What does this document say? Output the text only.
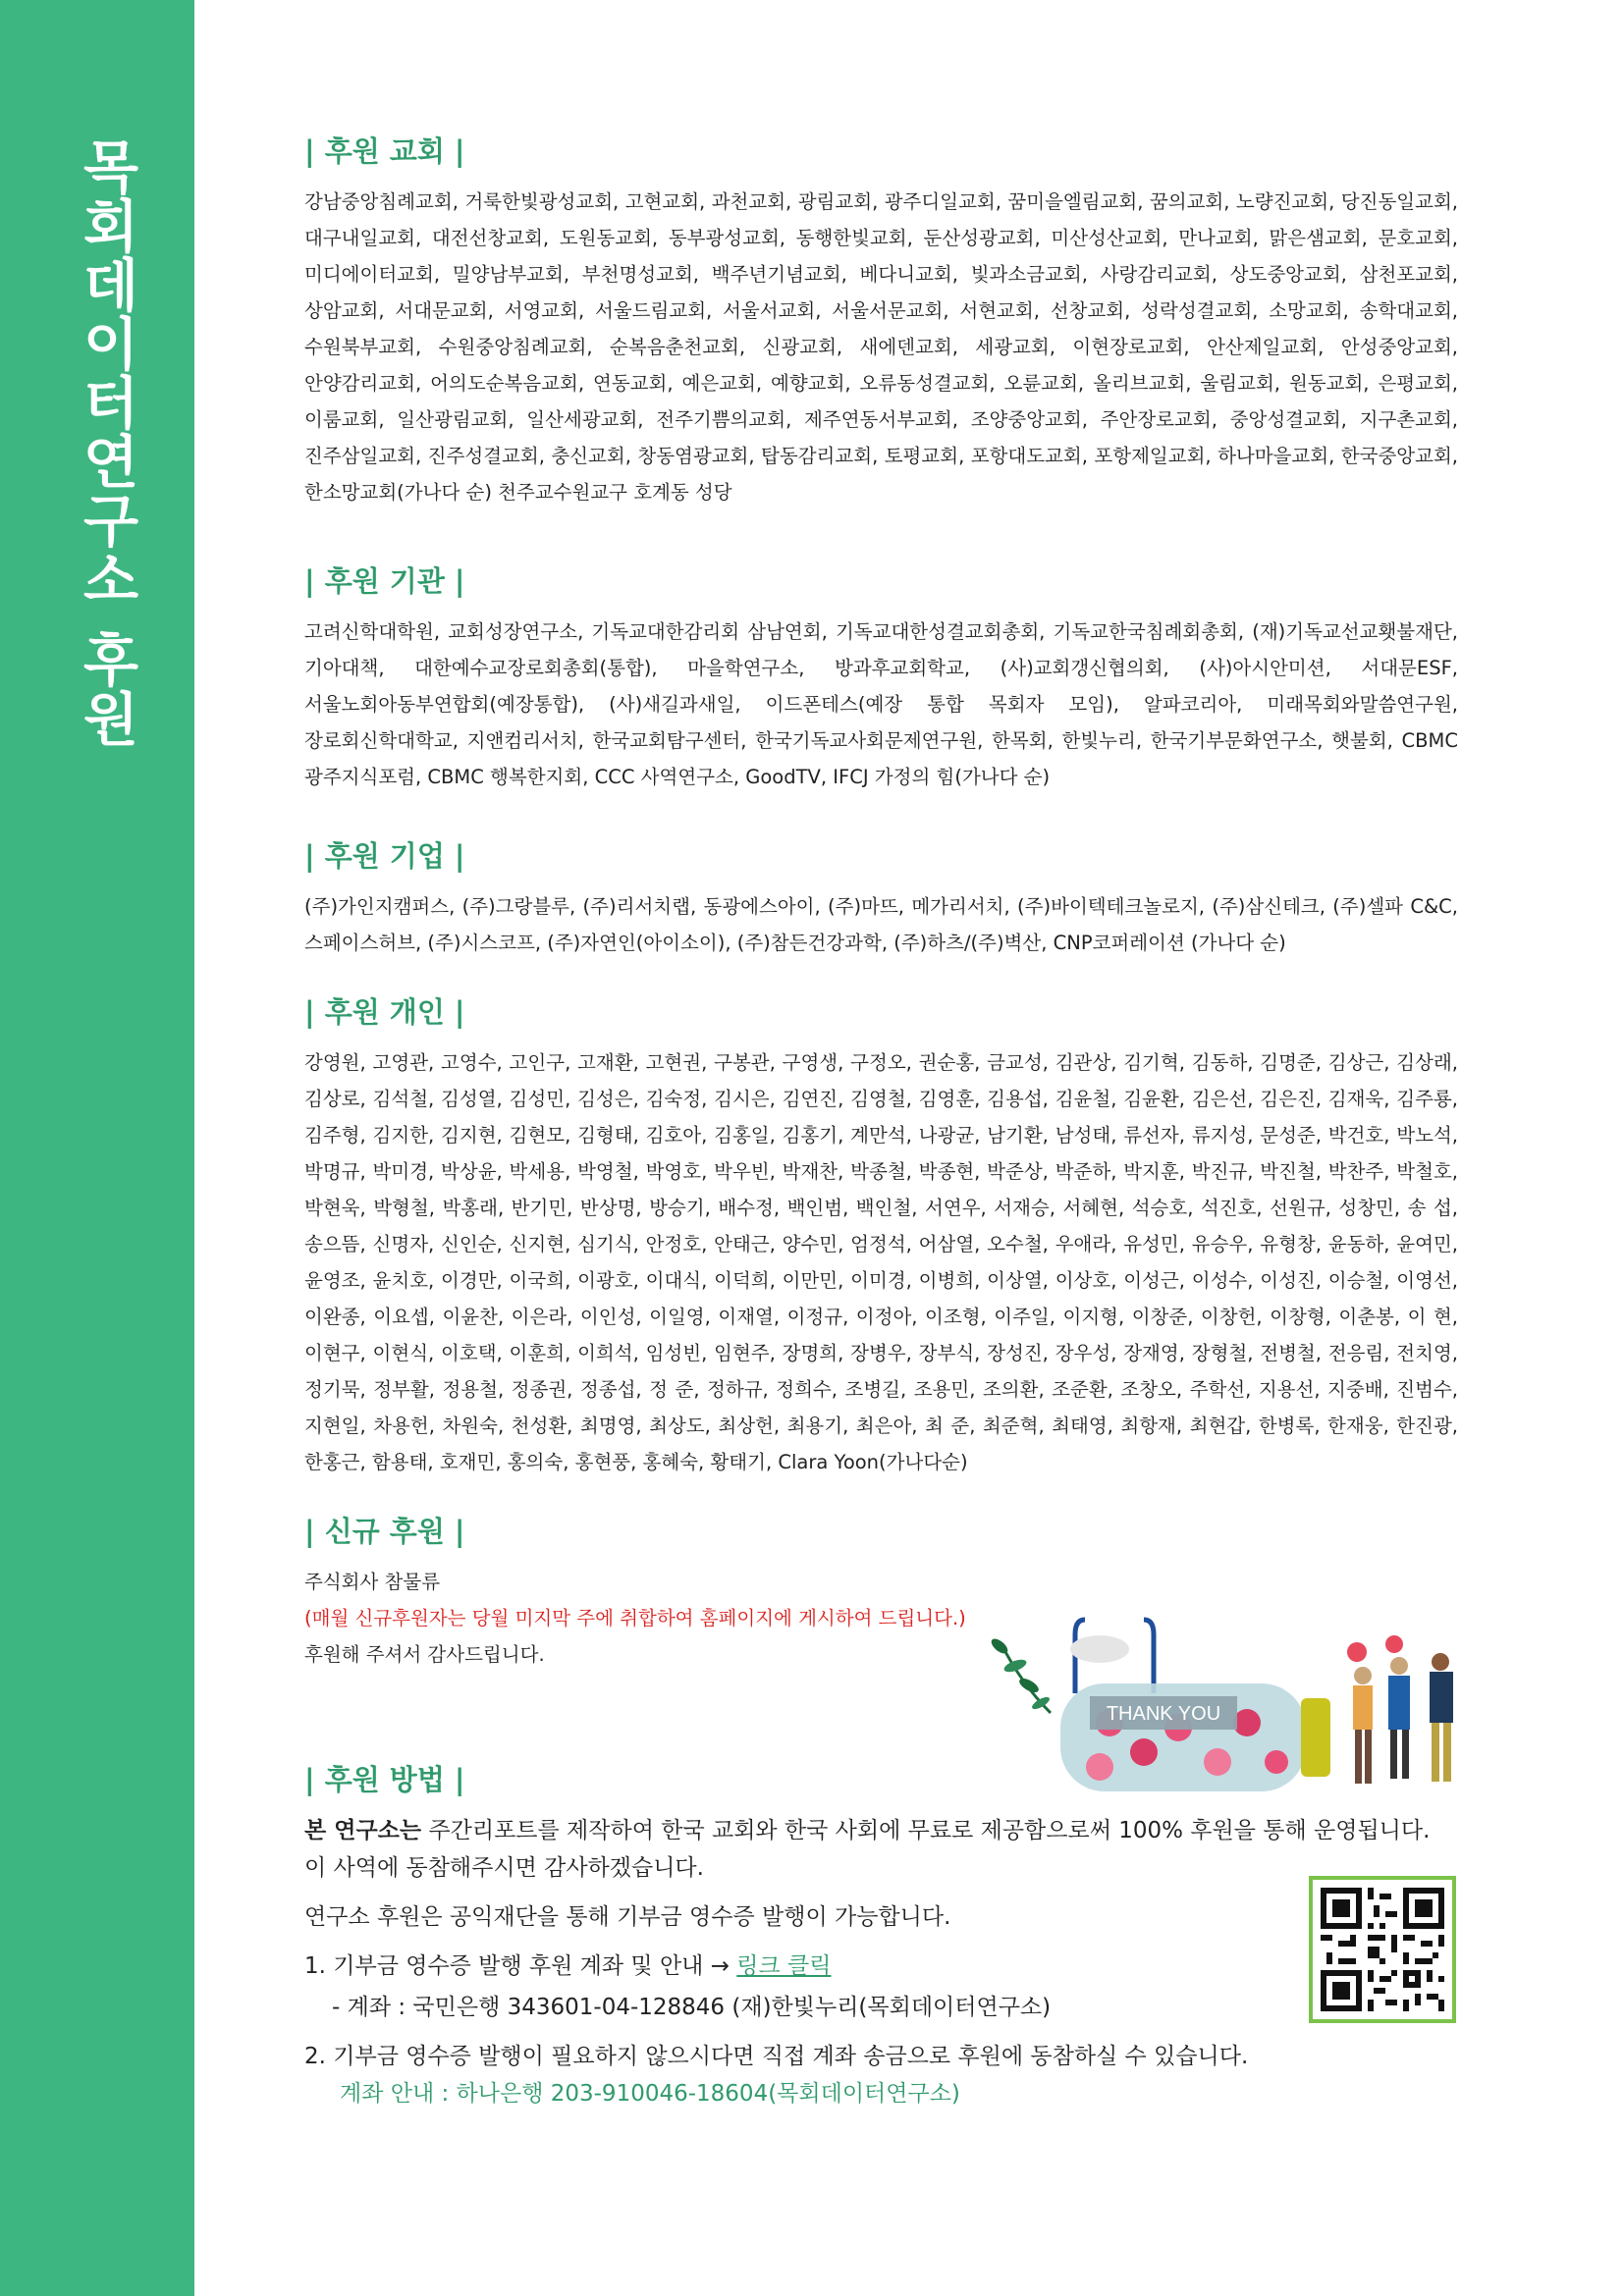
목회데이터연구소 후원	| 후원 교회 |

강남중앙침례교회, 거룩한빛광성교회, 고현교회, 과천교회, 광림교회, 광주디일교회, 꿈미을엘림교회, 꿈의교회, 노량진교회, 당진동일교회, 대구내일교회, 대전선창교회, 도원동교회, 동부광성교회, 동행한빛교회, 둔산성광교회, 미산성산교회, 만나교회, 맑은샘교회, 문호교회, 미디에이터교회, 밀양남부교회, 부천명성교회, 백주년기념교회, 베다니교회, 빛과소금교회, 사랑감리교회, 상도중앙교회, 삼천포교회, 상암교회, 서대문교회, 서영교회, 서울드림교회, 서울서교회, 서울서문교회, 서현교회, 선창교회, 성락성결교회, 소망교회, 송학대교회, 수원북부교회, 수원중앙침례교회, 순복음춘천교회, 신광교회, 새에덴교회, 세광교회, 이현장로교회, 안산제일교회, 안성중앙교회, 안양감리교회, 어의도순복음교회, 연동교회, 예은교회, 예향교회, 오류동성결교회, 오륜교회, 올리브교회, 울림교회, 원동교회, 은평교회, 이룸교회, 일산광림교회, 일산세광교회, 전주기쁨의교회, 제주연동서부교회, 조양중앙교회, 주안장로교회, 중앙성결교회, 지구촌교회, 진주삼일교회, 진주성결교회, 충신교회, 창동염광교회, 탑동감리교회, 토평교회, 포항대도교회, 포항제일교회, 하나마을교회, 한국중앙교회, 한소망교회(가나다 순) 천주교수원교구 호계동 성당

| 후원 기관 |

고려신학대학원, 교회성장연구소, 기독교대한감리회 삼남연회, 기독교대한성결교회총회, 기독교한국침례회총회, (재)기독교선교횃불재단, 기아대책, 대한예수교장로회총회(통합), 마을학연구소, 방과후교회학교, (사)교회갱신협의회, (사)아시안미션, 서대문ESF, 서울노회아동부연합회(예장통합), (사)새길과새일, 이드폰테스(예장 통합 목회자 모임), 알파코리아, 미래목회와말씀연구원, 장로회신학대학교, 지앤컴리서치, 한국교회탐구센터, 한국기독교사회문제연구원, 한목회, 한빛누리, 한국기부문화연구소, 햇불회, CBMC 광주지식포럼, CBMC 행복한지회, CCC 사역연구소, GoodTV, IFCJ 가정의 힘(가나다 순)

| 후원 기업 |

(주)가인지캠퍼스, (주)그랑블루, (주)리서치랩, 동광에스아이, (주)마뜨, 메가리서치, (주)바이텍테크놀로지, (주)삼신테크, (주)셀파 C&C, 스페이스허브, (주)시스코프, (주)자연인(아이소이), (주)참든건강과학, (주)하츠/(주)벽산, CNP코퍼레이션 (가나다 순)

| 후원 개인 |

강영원, 고영관, 고영수, 고인구, 고재환, 고현권, 구봉관, 구영생, 구정오, 권순홍, 금교성, 김관상, 김기혁, 김동하, 김명준, 김상근, 김상래, 김상로, 김석철, 김성열, 김성민, 김성은, 김숙정, 김시은, 김연진, 김영철, 김영훈, 김용섭, 김윤철, 김윤환, 김은선, 김은진, 김재욱, 김주룡, 김주형, 김지한, 김지현, 김현모, 김형태, 김호아, 김홍일, 김홍기, 계만석, 나광균, 남기환, 남성태, 류선자, 류지성, 문성준, 박건호, 박노석, 박명규, 박미경, 박상윤, 박세용, 박영철, 박영호, 박우빈, 박재찬, 박종철, 박종현, 박준상, 박준하, 박지훈, 박진규, 박진철, 박찬주, 박철호, 박현욱, 박형철, 박홍래, 반기민, 반상명, 방승기, 배수정, 백인범, 백인철, 서연우, 서재승, 서혜현, 석승호, 석진호, 선원규, 성창민, 송 섭, 송으뜸, 신명자, 신인순, 신지현, 심기식, 안정호, 안태근, 양수민, 엄정석, 어삼열, 오수철, 우애라, 유성민, 유승우, 유형창, 윤동하, 윤여민, 윤영조, 윤치호, 이경만, 이국희, 이광호, 이대식, 이덕희, 이만민, 이미경, 이병희, 이상열, 이상호, 이성근, 이성수, 이성진, 이승철, 이영선, 이완종, 이요셉, 이윤찬, 이은라, 이인성, 이일영, 이재열, 이정규, 이정아, 이조형, 이주일, 이지형, 이창준, 이창헌, 이창형, 이춘봉, 이 현, 이현구, 이현식, 이호택, 이훈희, 이희석, 임성빈, 임현주, 장명희, 장병우, 장부식, 장성진, 장우성, 장재영, 장형철, 전병철, 전응림, 전치영, 정기묵, 정부활, 정용철, 정종권, 정종섭, 정 준, 정하규, 정희수, 조병길, 조용민, 조의환, 조준환, 조창오, 주학선, 지용선, 지중배, 진범수, 지현일, 차용헌, 차원숙, 천성환, 최명영, 최상도, 최상헌, 최용기, 최은아, 최 준, 최준혁, 최태영, 최항재, 최현갑, 한병록, 한재웅, 한진광, 한홍근, 함용태, 호재민, 홍의숙, 홍현풍, 홍혜숙, 황태기, Clara Yoon(가나다순)

| 신규 후원 |

주식회사 참물류

(매월 신규후원자는 당월 미지막 주에 취합하여 홈페이지에 게시하여 드립니다.)

후원해 주셔서 감사드립니다.

| 후원 방법 |

본 연구소는 주간리포트를 제작하여 한국 교회와 한국 사회에 무료로 제공함으로써 100% 후원을 통해 운영됩니다. 이 사역에 동참해주시면 감사하겠습니다.

연구소 후원은 공익재단을 통해 기부금 영수증 발행이 가능합니다.

1. 기부금 영수증 발행 후원 계좌 및 안내 → 링크 클릭

- 계좌 : 국민은행 343601-04-128846 (재)한빛누리(목회데이터연구소)

2. 기부금 영수증 발행이 필요하지 않으시다면 직접 계좌 송금으로 후원에 동참하실 수 있습니다.

계좌 안내 : 하나은행 203-910046-18604(목회데이터연구소)

THANK YOU
